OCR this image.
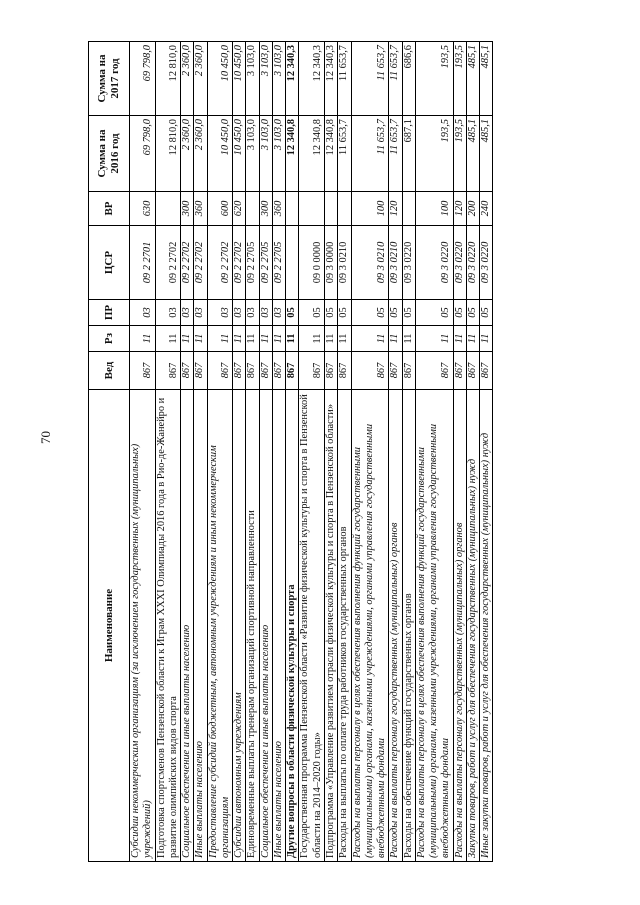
70
Наименование	Вед	Рз	ПР	ЦСР	ВР	Сумма на 2016 год	Сумма на 2017 год
Субсидии некоммерческим организациям (за исключением государственных (муниципальных) учреждений)	867	11	03	09 2 2701	630	69 798,0	69 798,0
Подготовка спортсменов Пензенской области к Играм XXXI Олимпиады 2016 года в Рио-де-Жанейро и развитие олимпийских видов спорта	867	11	03	09 2 2702		12 810,0	12 810,0
Социальное обеспечение и иные выплаты населению	867	11	03	09 2 2702	300	2 360,0	2 360,0
Иные выплаты населению	867	11	03	09 2 2702	360	2 360,0	2 360,0
Предоставление субсидий бюджетным, автономным учреждениям и иным некоммерческим организациям	867	11	03	09 2 2702	600	10 450,0	10 450,0
Субсидии автономным учреждениям	867	11	03	09 2 2702	620	10 450,0	10 450,0
Единовременные выплаты тренерам организаций спортивной направленности	867	11	03	09 2 2705		3 103,0	3 103,0
Социальное обеспечение и иные выплаты населению	867	11	03	09 2 2705	300	3 103,0	3 103,0
Иные выплаты населению	867	11	03	09 2 2705	360	3 103,0	3 103,0
Другие вопросы в области физической культуры и спорта	867	11	05			12 340,8	12 340,3
Государственная программа Пензенской области «Развитие физической культуры и спорта в Пензенской области на 2014–2020 годы»	867	11	05	09 0 0000		12 340,8	12 340,3
Подпрограмма «Управление развитием отрасли физической культуры и спорта в Пензенской области»	867	11	05	09 3 0000		12 340,8	12 340,3
Расходы на выплаты по оплате труда работников государственных органов	867	11	05	09 3 0210		11 653,7	11 653,7
Расходы на выплаты персоналу в целях обеспечения выполнения функций государственными (муниципальными) органами, казенными учреждениями, органами управления государственными внебюджетными фондами	867	11	05	09 3 0210	100	11 653,7	11 653,7
Расходы на выплаты персоналу государственных (муниципальных) органов	867	11	05	09 3 0210	120	11 653,7	11 653,7
Расходы на обеспечение функций государственных органов	867	11	05	09 3 0220		687,1	686,6
Расходы на выплаты персоналу в целях обеспечения выполнения функций государственными (муниципальными) органами, казенными учреждениями, органами управления государственными внебюджетными фондами	867	11	05	09 3 0220	100	193,5	193,5
Расходы на выплаты персоналу государственных (муниципальных) органов	867	11	05	09 3 0220	120	193,5	193,5
Закупка товаров, работ и услуг для обеспечения государственных (муниципальных) нужд	867	11	05	09 3 0220	200	485,1	485,1
Иные закупки товаров, работ и услуг для обеспечения государственных (муниципальных) нужд	867	11	05	09 3 0220	240	485,1	485,1
